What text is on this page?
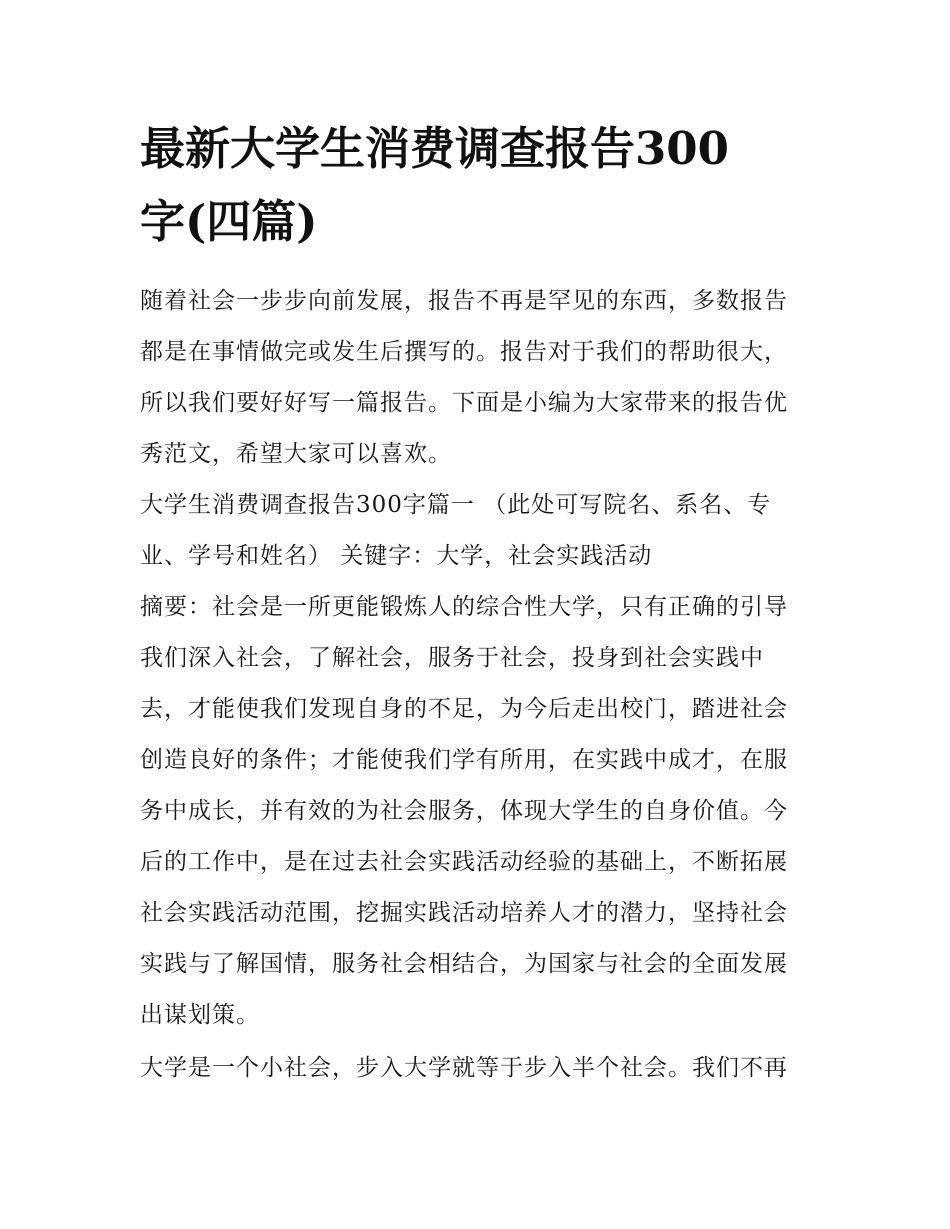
最新大学生消费调查报告300
字(四篇)

随着社会一步步向前发展，报告不再是罕见的东西，多数报告
都是在事情做完或发生后撰写的。报告对于我们的帮助很大，
所以我们要好好写一篇报告。下面是小编为大家带来的报告优
秀范文，希望大家可以喜欢。

大学生消费调查报告300字篇一 （此处可写院名、系名、专
业、学号和姓名） 关键字：大学，社会实践活动

摘要：社会是一所更能锻炼人的综合性大学，只有正确的引导
我们深入社会，了解社会，服务于社会，投身到社会实践中
去，才能使我们发现自身的不足，为今后走出校门，踏进社会
创造良好的条件；才能使我们学有所用，在实践中成才，在服
务中成长，并有效的为社会服务，体现大学生的自身价值。今
后的工作中，是在过去社会实践活动经验的基础上，不断拓展
社会实践活动范围，挖掘实践活动培养人才的潜力，坚持社会
实践与了解国情，服务社会相结合，为国家与社会的全面发展
出谋划策。

大学是一个小社会，步入大学就等于步入半个社会。我们不再
